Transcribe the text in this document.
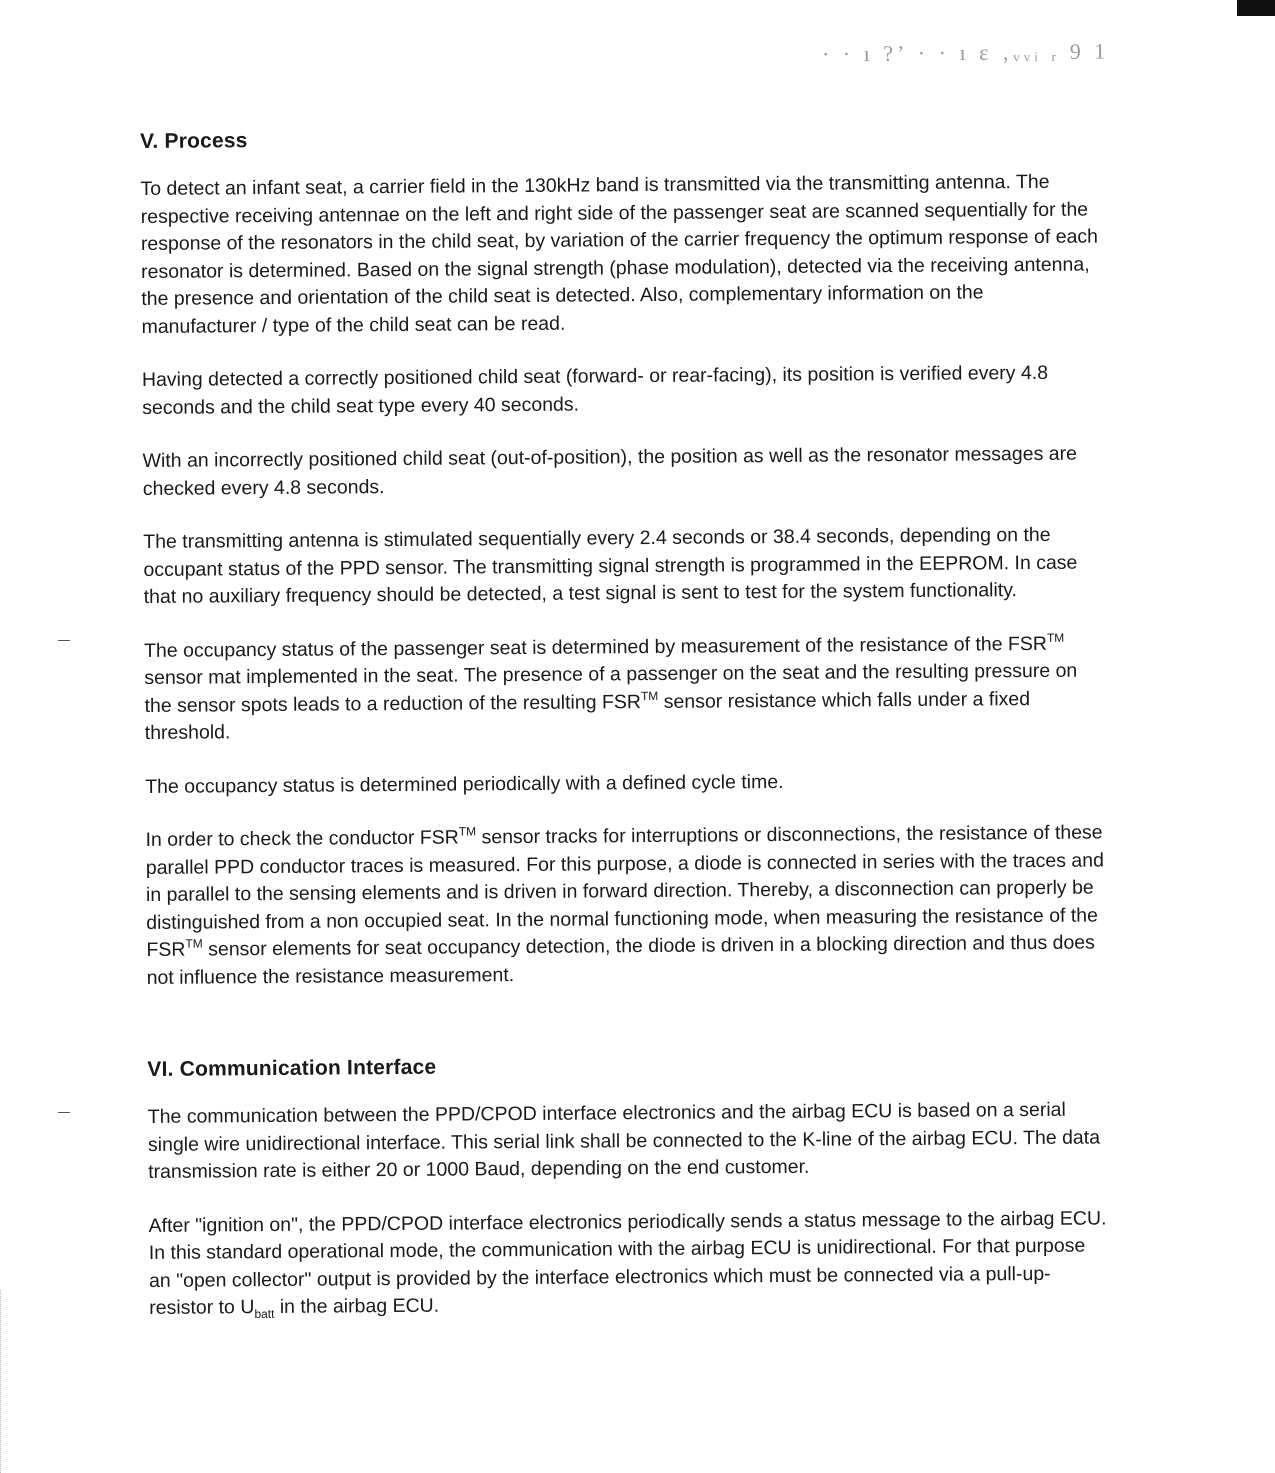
· · ı ?ʼ · · ı ɛ ‚ᵥᵥᵢ ᵣ 9 1
V. Process

To detect an infant seat, a carrier field in the 130kHz band is transmitted via the transmitting antenna. The respective receiving antennae on the left and right side of the passenger seat are scanned sequentially for the response of the resonators in the child seat, by variation of the carrier frequency the optimum response of each resonator is determined. Based on the signal strength (phase modulation), detected via the receiving antenna, the presence and orientation of the child seat is detected. Also, complementary information on the manufacturer / type of the child seat can be read.

Having detected a correctly positioned child seat (forward- or rear-facing), its position is verified every 4.8 seconds and the child seat type every 40 seconds.

With an incorrectly positioned child seat (out-of-position), the position as well as the resonator messages are checked every 4.8 seconds.

The transmitting antenna is stimulated sequentially every 2.4 seconds or 38.4 seconds, depending on the occupant status of the PPD sensor. The transmitting signal strength is programmed in the EEPROM. In case that no auxiliary frequency should be detected, a test signal is sent to test for the system functionality.

The occupancy status of the passenger seat is determined by measurement of the resistance of the FSR™ sensor mat implemented in the seat. The presence of a passenger on the seat and the resulting pressure on the sensor spots leads to a reduction of the resulting FSR™ sensor resistance which falls under a fixed threshold.

The occupancy status is determined periodically with a defined cycle time.

In order to check the conductor FSR™ sensor tracks for interruptions or disconnections, the resistance of these parallel PPD conductor traces is measured. For this purpose, a diode is connected in series with the traces and in parallel to the sensing elements and is driven in forward direction. Thereby, a disconnection can properly be distinguished from a non occupied seat. In the normal functioning mode, when measuring the resistance of the FSR™ sensor elements for seat occupancy detection, the diode is driven in a blocking direction and thus does not influence the resistance measurement.

VI. Communication Interface

The communication between the PPD/CPOD interface electronics and the airbag ECU is based on a serial single wire unidirectional interface. This serial link shall be connected to the K-line of the airbag ECU. The data transmission rate is either 20 or 1000 Baud, depending on the end customer.

After "ignition on", the PPD/CPOD interface electronics periodically sends a status message to the airbag ECU. In this standard operational mode, the communication with the airbag ECU is unidirectional. For that purpose an "open collector" output is provided by the interface electronics which must be connected via a pull-up-resistor to $U_{batt}$ in the airbag ECU.
